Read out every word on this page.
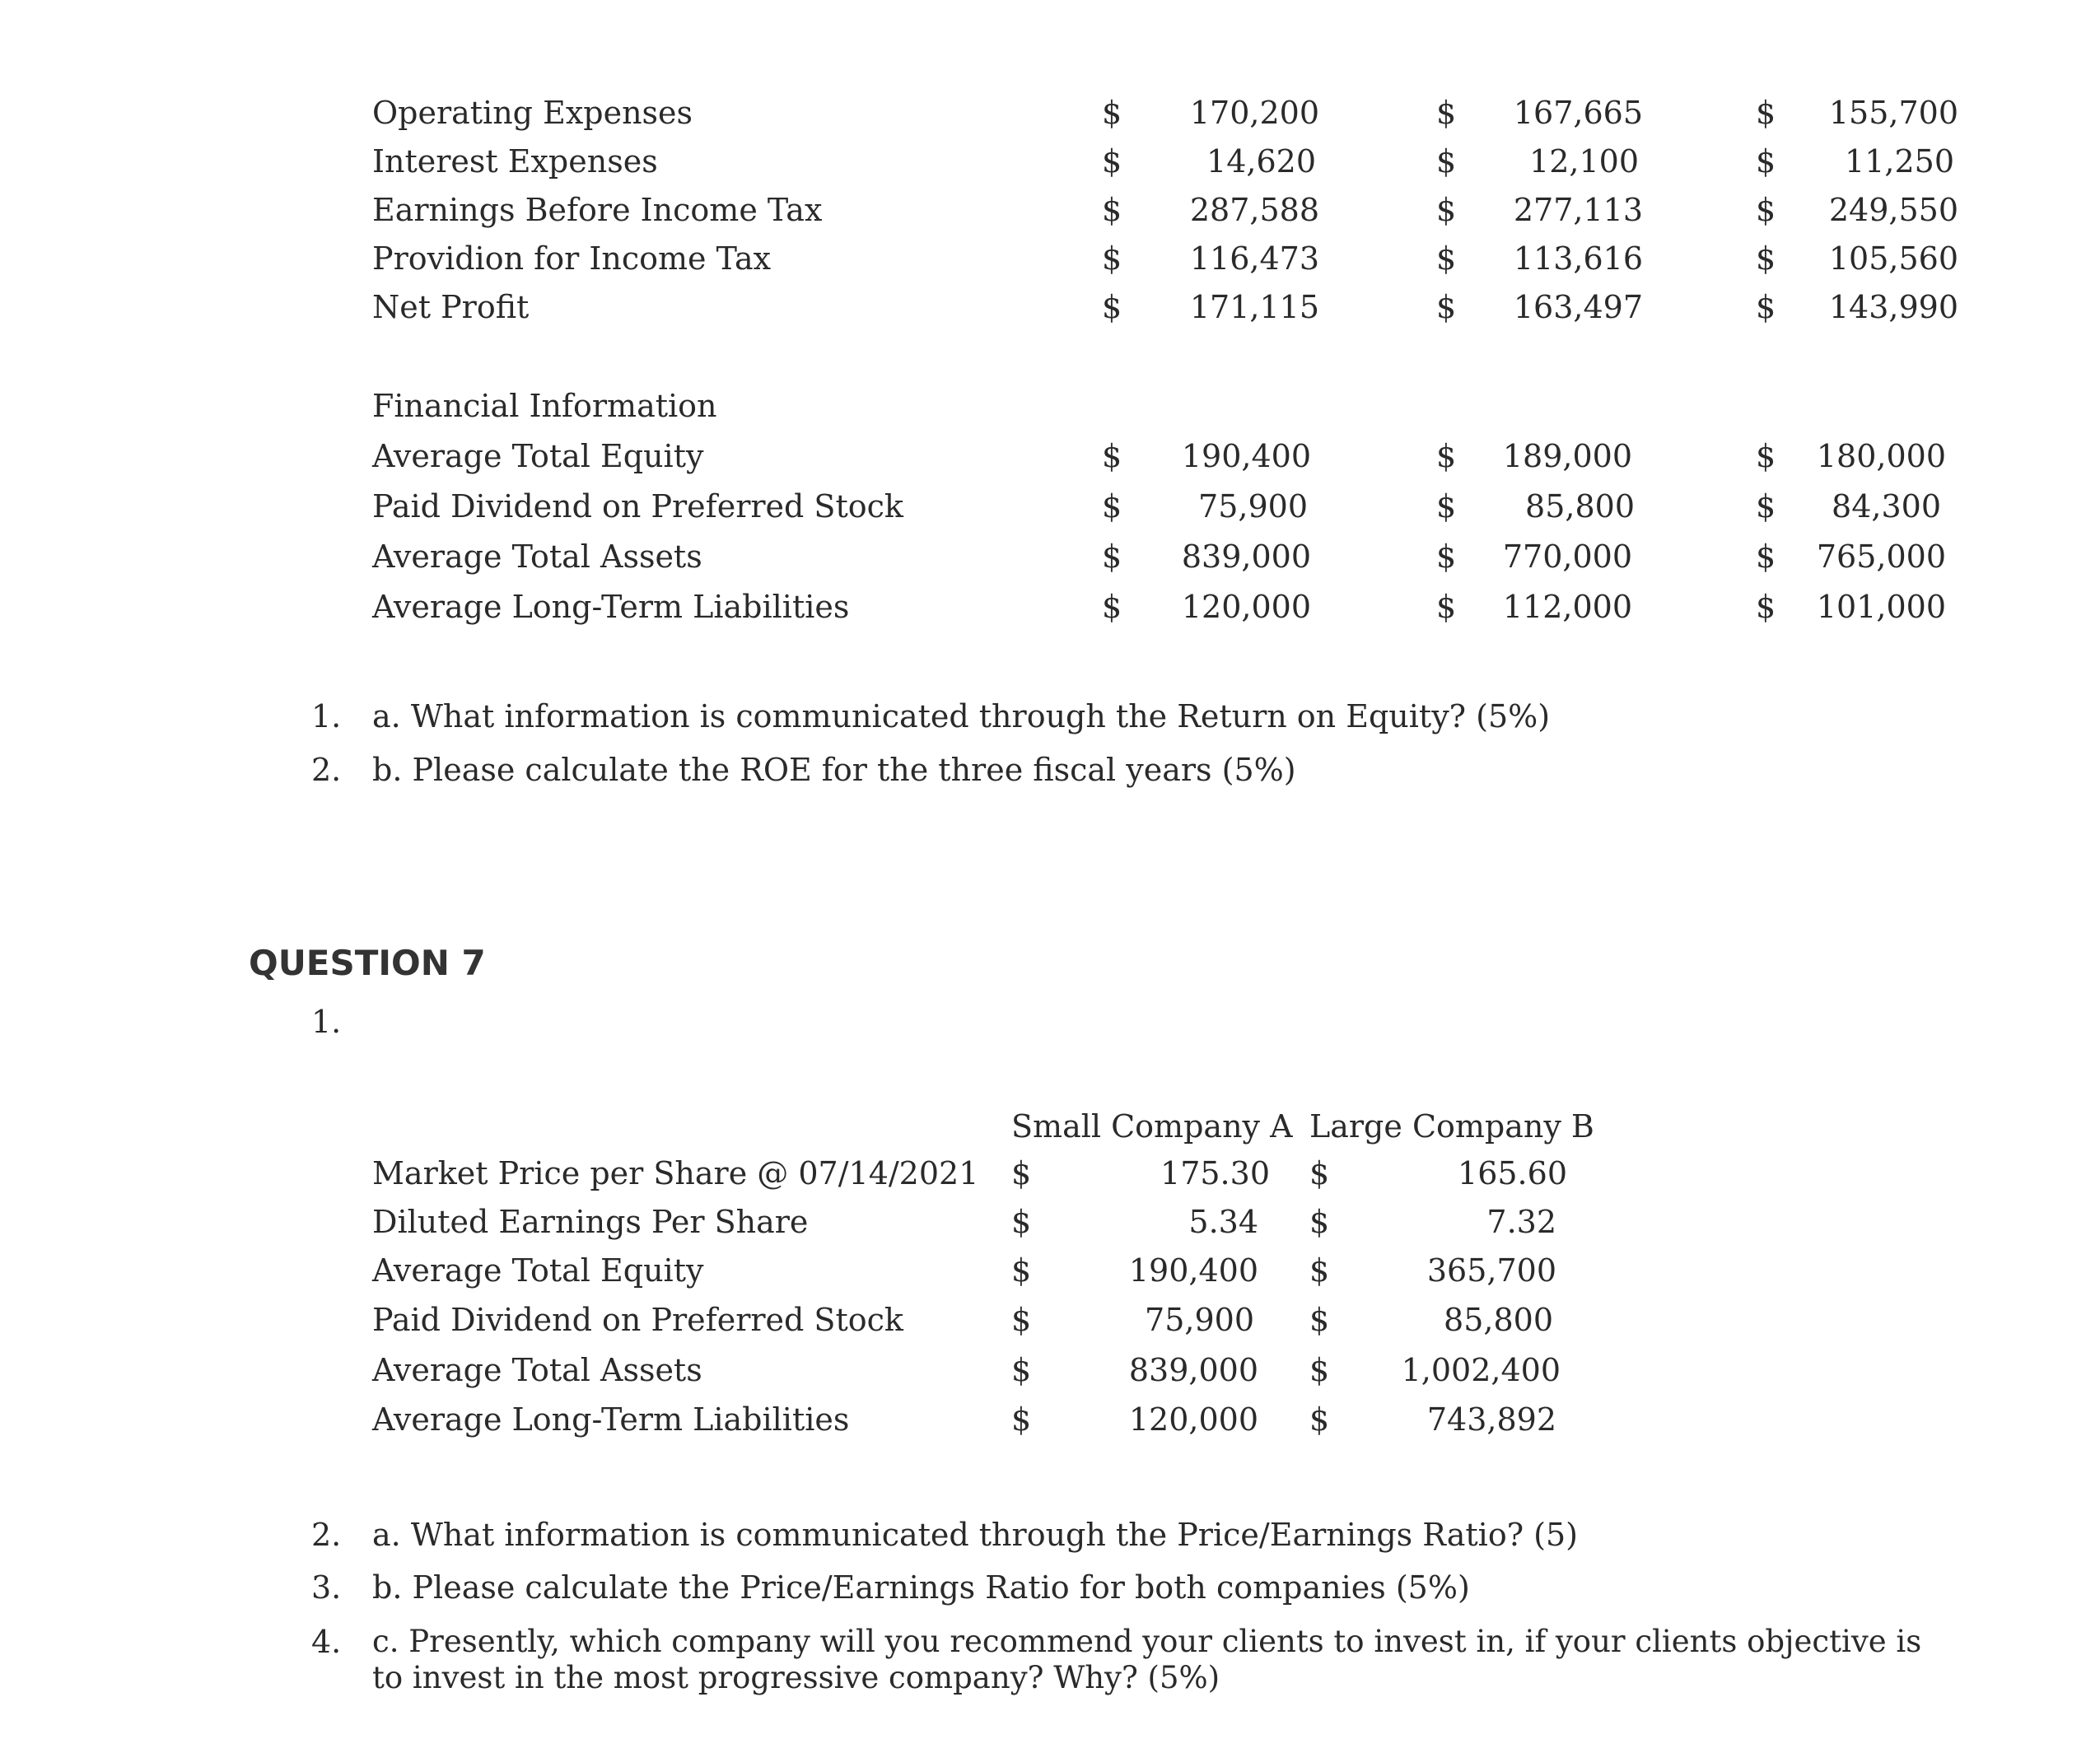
Operating Expenses	$	170,200	$	167,665	$	155,700
Interest Expenses	$	14,620	$	12,100	$	11,250
Earnings Before Income Tax	$	287,588	$	277,113	$	249,550
Providion for Income Tax	$	116,473	$	113,616	$	105,560
Net Profit	$	171,115	$	163,497	$	143,990
Financial Information
Average Total Equity	$	190,400	$	189,000	$	180,000
Paid Dividend on Preferred Stock	$	75,900	$	85,800	$	84,300
Average Total Assets	$	839,000	$	770,000	$	765,000
Average Long-Term Liabilities	$	120,000	$	112,000	$	101,000
1. a. What information is communicated through the Return on Equity? (5%)
2. b. Please calculate the ROE for the three fiscal years (5%)
QUESTION 7
1.
Small Company A Large Company B
Market Price per Share @ 07/14/2021 $	175.30 $	165.60
Diluted Earnings Per Share	$	5.34 $	7.32
Average Total Equity	$	190,400 $	365,700
Paid Dividend on Preferred Stock	$	75,900 $	85,800
Average Total Assets	$	839,000 $	1,002,400
Average Long-Term Liabilities	$	120,000 $	743,892
2. a. What information is communicated through the Price/Earnings Ratio? (5)
3. b. Please calculate the Price/Earnings Ratio for both companies (5%)
4. c. Presently, which company will you recommend your clients to invest in, if your clients objective is
to invest in the most progressive company? Why? (5%)
